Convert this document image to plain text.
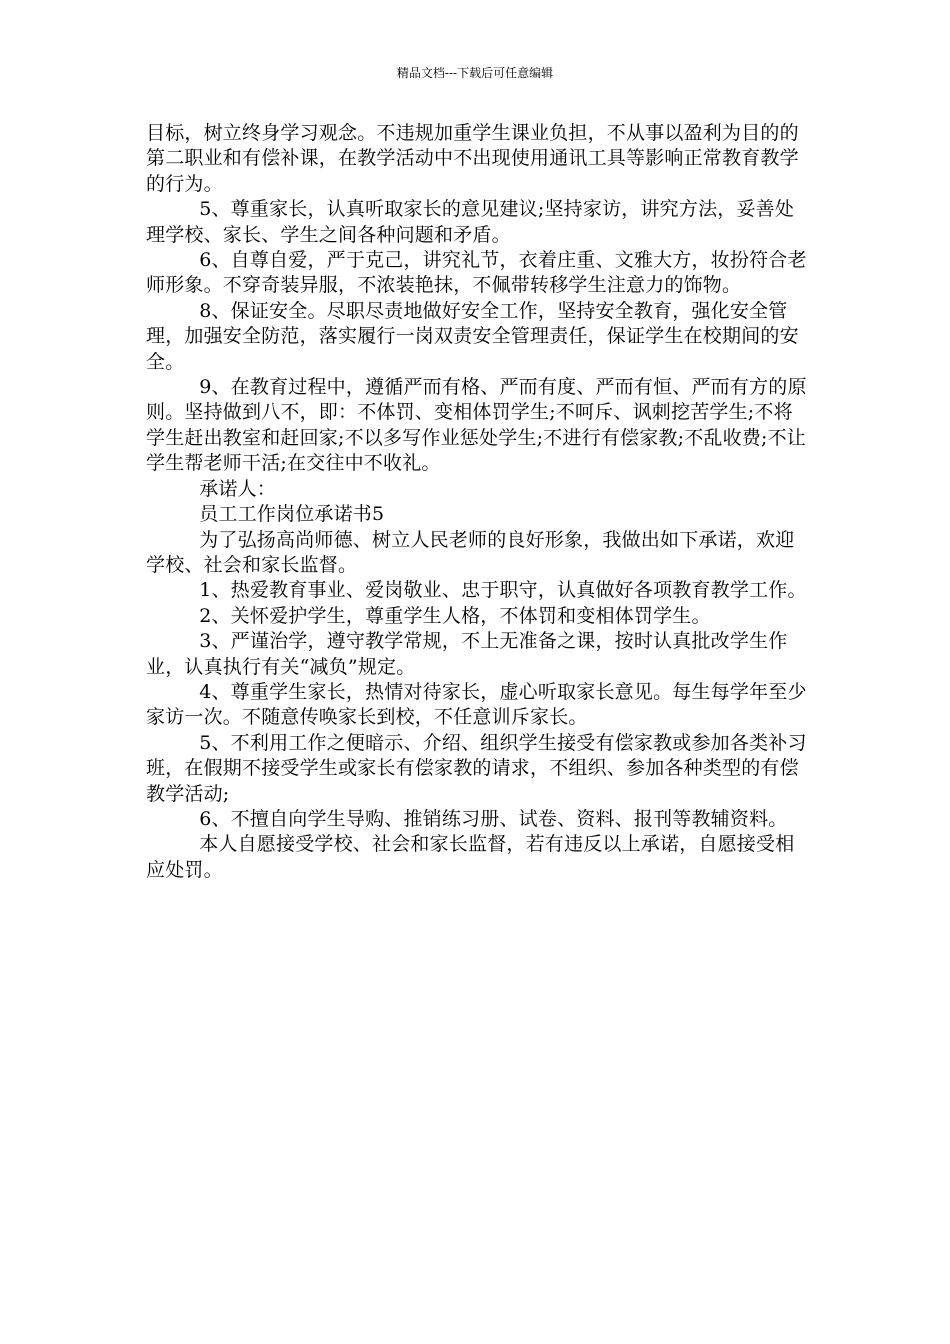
精品文档---下载后可任意编辑

目标，树立终身学习观念。不违规加重学生课业负担，不从事以盈利为目的的第二职业和有偿补课，在教学活动中不出现使用通讯工具等影响正常教育教学的行为。

5、尊重家长，认真听取家长的意见建议;坚持家访，讲究方法，妥善处理学校、家长、学生之间各种问题和矛盾。

6、自尊自爱，严于克己，讲究礼节，衣着庄重、文雅大方，妆扮符合老师形象。不穿奇装异服，不浓装艳抹，不佩带转移学生注意力的饰物。

8、保证安全。尽职尽责地做好安全工作，坚持安全教育，强化安全管理，加强安全防范，落实履行一岗双责安全管理责任，保证学生在校期间的安全。

9、在教育过程中，遵循严而有格、严而有度、严而有恒、严而有方的原则。坚持做到八不，即：不体罚、变相体罚学生;不呵斥、讽刺挖苦学生;不将学生赶出教室和赶回家;不以多写作业惩处学生;不进行有偿家教;不乱收费;不让学生帮老师干活;在交往中不收礼。

承诺人：

员工工作岗位承诺书5

为了弘扬高尚师德、树立人民老师的良好形象，我做出如下承诺，欢迎学校、社会和家长监督。

1、热爱教育事业、爱岗敬业、忠于职守，认真做好各项教育教学工作。

2、关怀爱护学生，尊重学生人格，不体罚和变相体罚学生。

3、严谨治学，遵守教学常规，不上无准备之课，按时认真批改学生作业，认真执行有关“减负”规定。

4、尊重学生家长，热情对待家长，虚心听取家长意见。每生每学年至少家访一次。不随意传唤家长到校，不任意训斥家长。

5、不利用工作之便暗示、介绍、组织学生接受有偿家教或参加各类补习班，在假期不接受学生或家长有偿家教的请求，不组织、参加各种类型的有偿教学活动;

6、不擅自向学生导购、推销练习册、试卷、资料、报刊等教辅资料。

本人自愿接受学校、社会和家长监督，若有违反以上承诺，自愿接受相应处罚。
